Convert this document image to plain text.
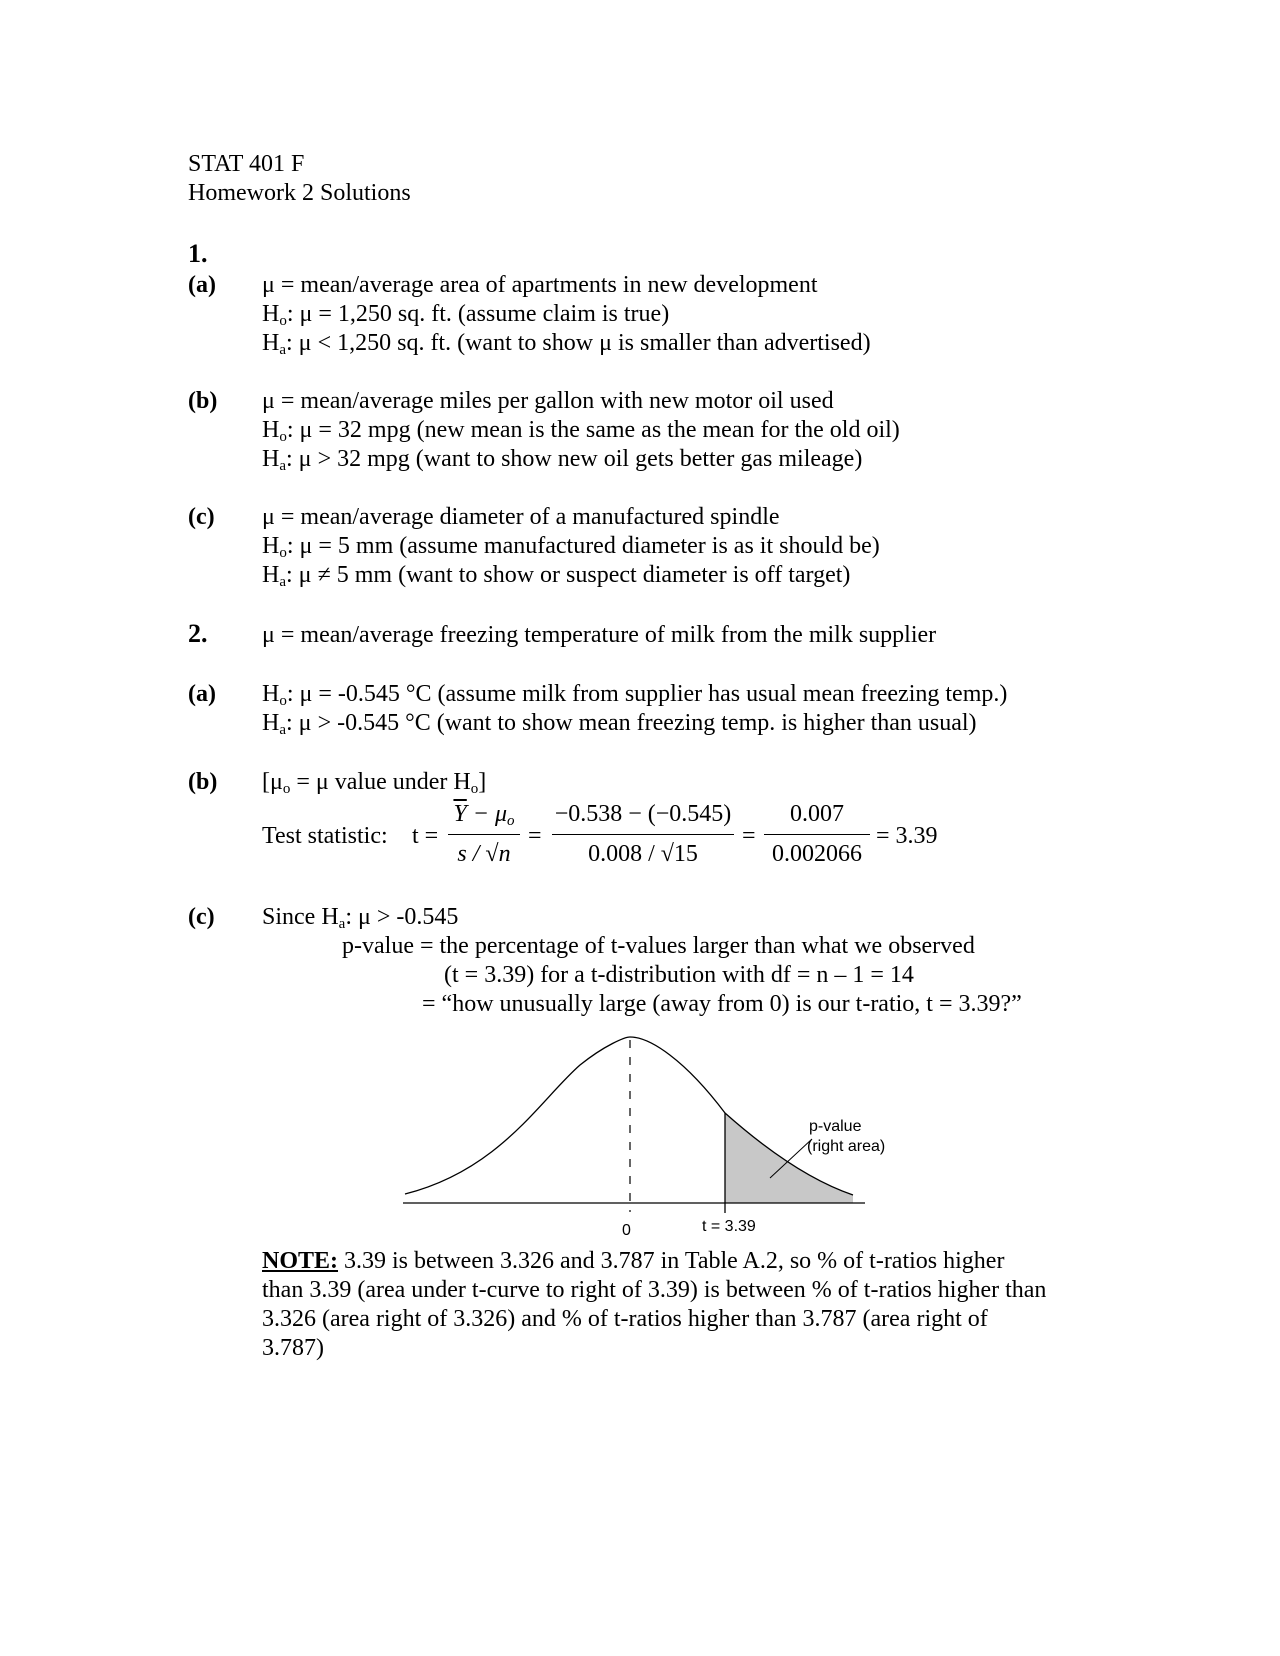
STAT 401 F
Homework 2 Solutions
1.
(a) μ = mean/average area of apartments in new development
$H_o$: μ = 1,250 sq. ft. (assume claim is true)
$H_a$: μ < 1,250 sq. ft. (want to show μ is smaller than advertised)
(b) μ = mean/average miles per gallon with new motor oil used
$H_o$: μ = 32 mpg (new mean is the same as the mean for the old oil)
$H_a$: μ > 32 mpg (want to show new oil gets better gas mileage)
(c) μ = mean/average diameter of a manufactured spindle
$H_o$: μ = 5 mm (assume manufactured diameter is as it should be)
$H_a$: μ ≠ 5 mm (want to show or suspect diameter is off target)
2. μ = mean/average freezing temperature of milk from the milk supplier
(a) $H_o$: μ = -0.545 °C (assume milk from supplier has usual mean freezing temp.)
$H_a$: μ > -0.545 °C (want to show mean freezing temp. is higher than usual)
(b) [$\mu_o = \mu$ value under $H_o$]
Test statistic: t =
$\overline{Y} - \mu_o$
s / √n
=
−0.538 − (−0.545)
0.008 / √15
=
0.007
0.002066
= 3.39
(c) Since $H_a$: μ > -0.545
p-value = the percentage of t-values larger than what we observed
(t = 3.39) for a t-distribution with df = n – 1 = 14
= “how unusually large (away from 0) is our t-ratio, t = 3.39?”
0	t = 3.39
p-value
(right area)
NOTE: 3.39 is between 3.326 and 3.787 in Table A.2, so % of t-ratios higher
than 3.39 (area under t-curve to right of 3.39) is between % of t-ratios higher than
3.326 (area right of 3.326) and % of t-ratios higher than 3.787 (area right of
3.787)
